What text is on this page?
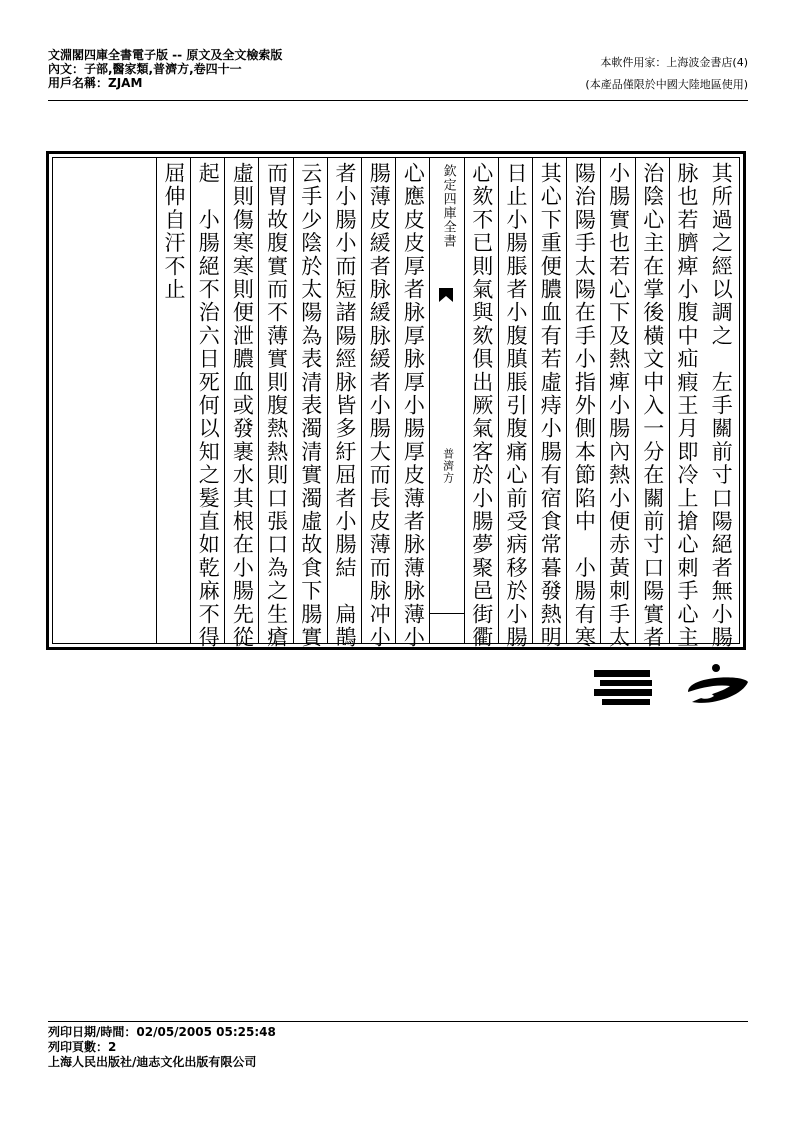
文淵閣四庫全書電子版 -- 原文及全文檢索版
內文：子部,醫家類,普濟方,卷四十一
用戶名稱：ZJAM
本軟件用家：上海波金書店(4)
(本產品僅限於中國大陸地區使用)
其所過之經以調之　左手關前寸口陽絕者無小腸
脉也若臍痺小腹中疝瘕王月即冷上搶心刺手心主
治陰心主在掌後橫文中入一分在關前寸口陽實者
小腸實也若心下及熱痺小腸內熱小便赤黃刺手太
陽治陽手太陽在手小指外側本節陷中　小腸有寒
其心下重便膿血有若虛痔小腸有宿食常暮發熱明
日止小腸脹者小腹䐜脹引腹痛心前受病移於小腸
心欬不已則氣與欬俱出厥氣客於小腸夢聚邑街衢
欽定四庫全書
普濟方
心應皮皮厚者脉厚脉厚小腸厚皮薄者脉薄脉薄小
腸薄皮緩者脉緩脉緩者小腸大而長皮薄而脉冲小
者小腸小而短諸陽經脉皆多紆屈者小腸結　扁鵲
云手少陰於太陽為表清表濁清實濁虛故食下腸實
而胃故腹實而不薄實則腹熱熱則口張口為之生瘡
虛則傷寒寒則便泄膿血或發裹水其根在小腸先從
起　小腸絕不治六日死何以知之髮直如乾麻不得
屈伸自汗不止
列印日期/時間：02/05/2005 05:25:48
列印頁數：2
上海人民出版社/迪志文化出版有限公司
